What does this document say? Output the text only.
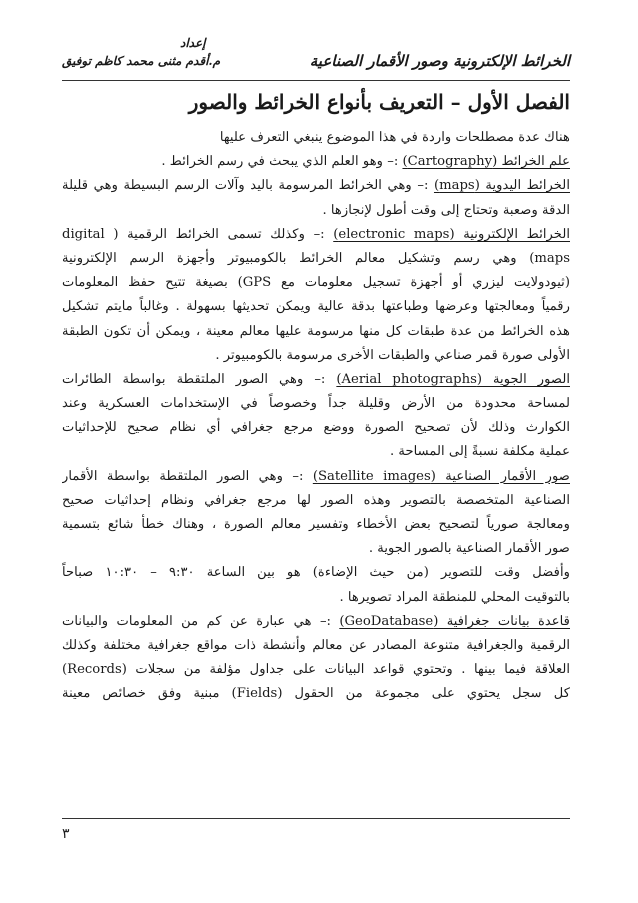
إعداد
م.أقدم مثنى محمد كاظم توفيق	الخرائط الإلكترونية وصور الأقمار الصناعية
الفصل الأول – التعريف بأنواع الخرائط والصور
هناك عدة مصطلحات واردة في هذا الموضوع ينبغي التعرف عليها
علم الخرائط (Cartography) :– وهو العلم الذي يبحث في رسم الخرائط .
الخرائط اليدوية (maps) :– وهي الخرائط المرسومة باليد وآلات الرسم البسيطة وهي قليلة
الدقة وصعبة وتحتاج إلى وقت أطول لإنجازها .
الخرائط الإلكترونية (electronic maps) :– وكذلك تسمى الخرائط الرقمية ( digital
maps) وهي رسم وتشكيل معالم الخرائط بالكومبيوتر وأجهزة الرسم الإلكترونية
(ثيودولايت ليزري أو أجهزة تسجيل معلومات مع GPS) بصيغة تتيح حفظ المعلومات
رقمياً ومعالجتها وعرضها وطباعتها بدقة عالية ويمكن تحديثها بسهولة . وغالباً مايتم تشكيل
هذه الخرائط من عدة طبقات كل منها مرسومة عليها معالم معينة ، ويمكن أن تكون الطبقة
الأولى صورة قمر صناعي والطبقات الأخرى مرسومة بالكومبيوتر .
الصور الجوية (Aerial photographs) :– وهي الصور الملتقطة بواسطة الطائرات
لمساحة محدودة من الأرض وقليلة جداً وخصوصاً في الإستخدامات العسكرية وعند
الكوارث وذلك لأن تصحيح الصورة ووضع مرجع جغرافي أي نظام صحيح للإحداثيات
عملية مكلفة نسبةً إلى المساحة .
صور الأقمار الصناعية (Satellite images) :– وهي الصور الملتقطة بواسطة الأقمار
الصناعية المتخصصة بالتصوير وهذه الصور لها مرجع جغرافي ونظام إحداثيات صحيح
ومعالجة صورياً لتصحيح بعض الأخطاء وتفسير معالم الصورة ، وهناك خطأ شائع بتسمية
صور الأقمار الصناعية بالصور الجوية .
وأفضل وقت للتصوير (من حيث الإضاءة) هو بين الساعة ٩:٣٠ – ١٠:٣٠ صباحاً
بالتوقيت المحلي للمنطقة المراد تصويرها .
قاعدة بيانات جغرافية (GeoDatabase) :– هي عبارة عن كم من المعلومات والبيانات
الرقمية والجغرافية متنوعة المصادر عن معالم وأنشطة ذات مواقع جغرافية مختلفة وكذلك
العلاقة فيما بينها . وتحتوي قواعد البيانات على جداول مؤلفة من سجلات (Records)
كل سجل يحتوي على مجموعة من الحقول (Fields) مبنية وفق خصائص معينة
٣
